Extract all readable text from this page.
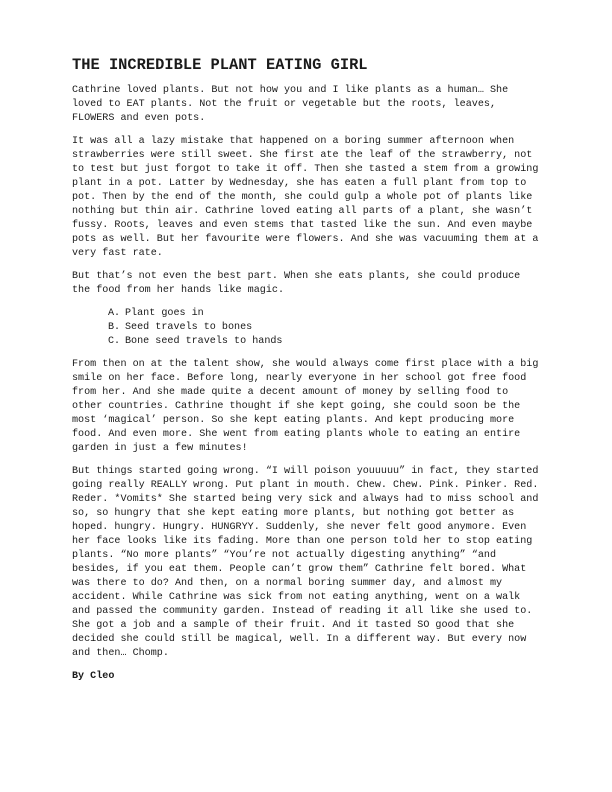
THE INCREDIBLE PLANT EATING GIRL

Cathrine loved plants. But not how you and I like plants as a human… She loved to EAT plants. Not the fruit or vegetable but the roots, leaves, FLOWERS and even pots.

It was all a lazy mistake that happened on a boring summer afternoon when strawberries were still sweet. She first ate the leaf of the strawberry, not to test but just forgot to take it off. Then she tasted a stem from a growing plant in a pot. Latter by Wednesday, she has eaten a full plant from top to pot. Then by the end of the month, she could gulp a whole pot of plants like nothing but thin air. Cathrine loved eating all parts of a plant, she wasn’t fussy. Roots, leaves and even stems that tasted like the sun. And even maybe pots as well. But her favourite were flowers. And she was vacuuming them at a very fast rate.

But that’s not even the best part. When she eats plants, she could produce the food from her hands like magic.

A. Plant goes in
B. Seed travels to bones
C. Bone seed travels to hands

From then on at the talent show, she would always come first place with a big smile on her face. Before long, nearly everyone in her school got free food from her. And she made quite a decent amount of money by selling food to other countries. Cathrine thought if she kept going, she could soon be the most ‘magical’ person. So she kept eating plants. And kept producing more food. And even more. She went from eating plants whole to eating an entire garden in just a few minutes!

But things started going wrong. “I will poison youuuuu” in fact, they started going really REALLY wrong. Put plant in mouth. Chew. Chew. Pink. Pinker. Red. Reder. *Vomits* She started being very sick and always had to miss school and so, so hungry that she kept eating more plants, but nothing got better as hoped. hungry. Hungry. HUNGRYY. Suddenly, she never felt good anymore. Even her face looks like its fading. More than one person told her to stop eating plants. “No more plants” “You’re not actually digesting anything” “and besides, if you eat them. People can’t grow them” Cathrine felt bored. What was there to do? And then, on a normal boring summer day, and almost my accident. While Cathrine was sick from not eating anything, went on a walk and passed the community garden. Instead of reading it all like she used to. She got a job and a sample of their fruit. And it tasted SO good that she decided she could still be magical, well. In a different way. But every now and then… Chomp.

By Cleo
